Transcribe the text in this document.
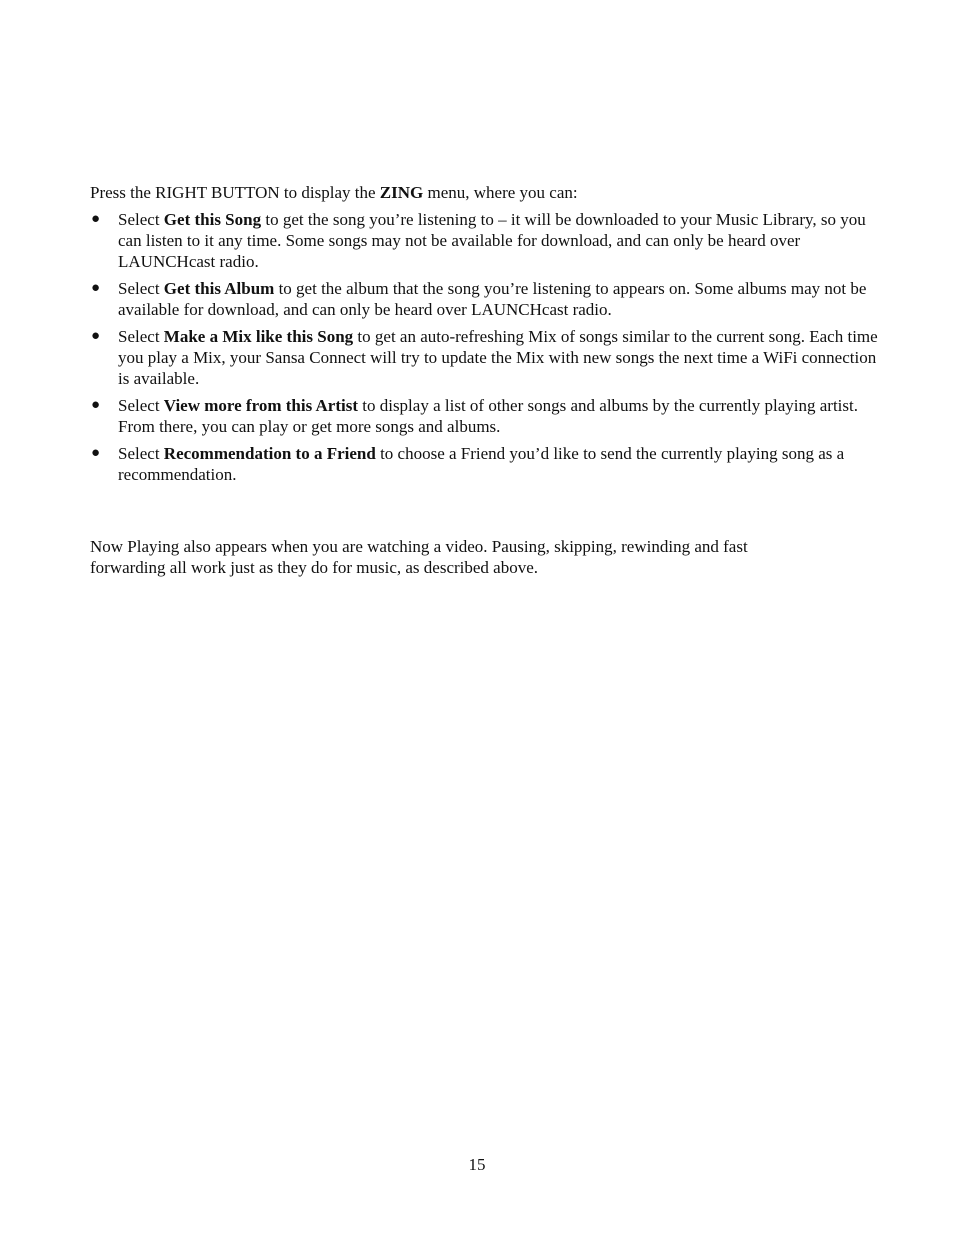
Press the RIGHT BUTTON to display the ZING menu, where you can:

● Select Get this Song to get the song you’re listening to – it will be downloaded to your Music Library, so you can listen to it any time. Some songs may not be available for download, and can only be heard over LAUNCHcast radio.
● Select Get this Album to get the album that the song you’re listening to appears on. Some albums may not be available for download, and can only be heard over LAUNCHcast radio.
● Select Make a Mix like this Song to get an auto-refreshing Mix of songs similar to the current song. Each time you play a Mix, your Sansa Connect will try to update the Mix with new songs the next time a WiFi connection is available.
● Select View more from this Artist to display a list of other songs and albums by the currently playing artist. From there, you can play or get more songs and albums.
● Select Recommendation to a Friend to choose a Friend you’d like to send the currently playing song as a recommendation.

Now Playing also appears when you are watching a video. Pausing, skipping, rewinding and fast forwarding all work just as they do for music, as described above.

15
